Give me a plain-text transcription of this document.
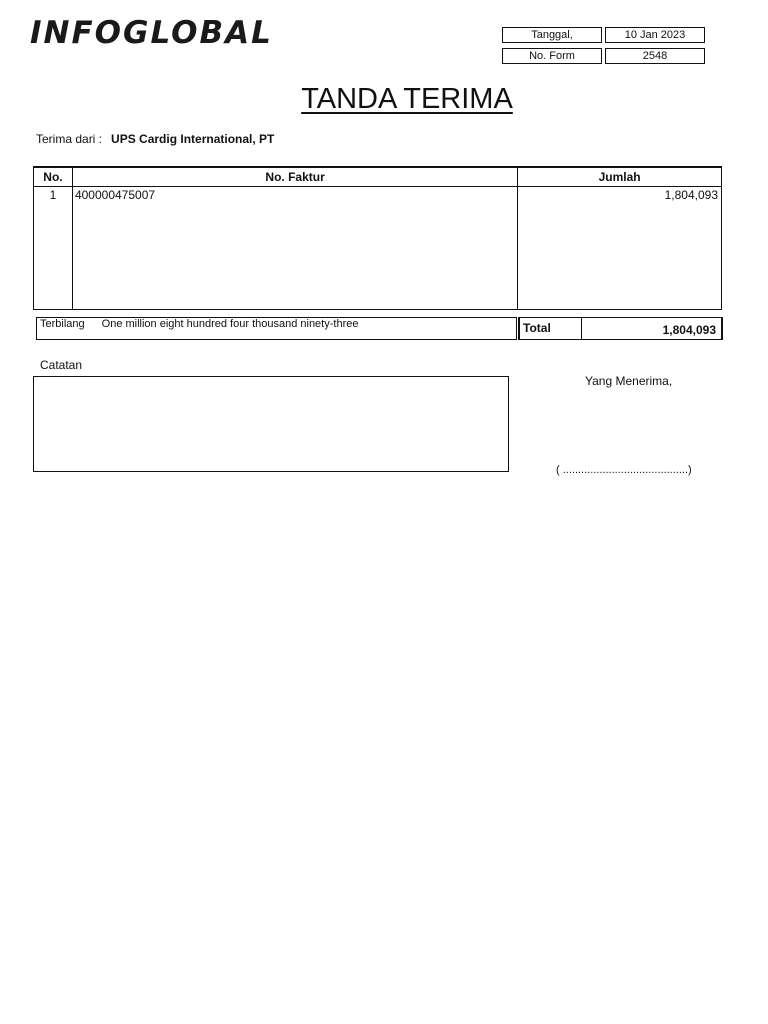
INFOGLOBAL	Tanggal,	10 Jan 2023
No. Form	2548
TANDA TERIMA
Terima dari : UPS Cardig International, PT
No.	No. Faktur	Jumlah
1	400000475007	1,804,093
Terbilang One million eight hundred four thousand ninety-three	Total	1,804,093
Catatan
Yang Menerima,
( .........................................)
